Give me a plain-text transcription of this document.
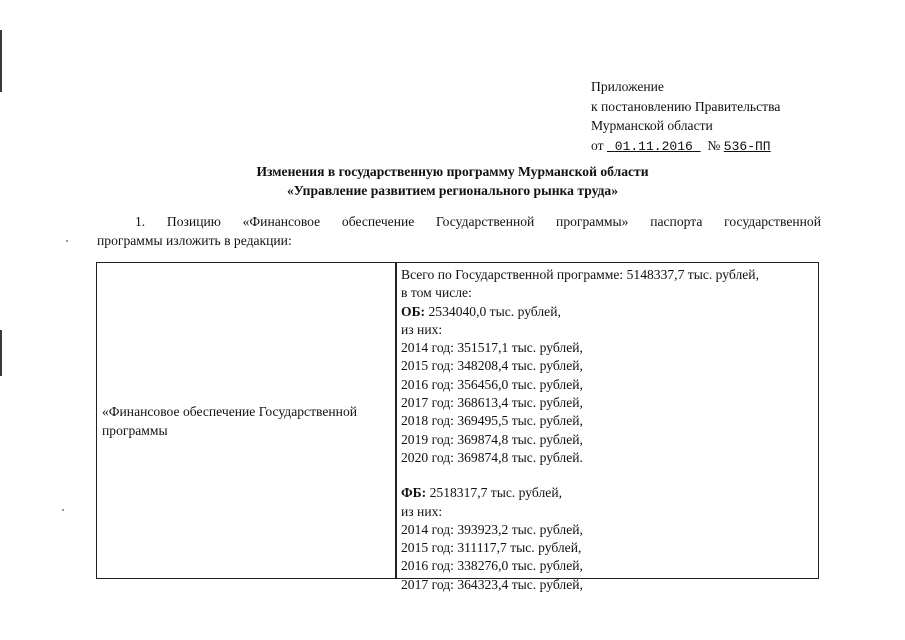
Приложение
к постановлению Правительства
Мурманской области
от 01.11.2016 № 536-ПП
Изменения в государственную программу Мурманской области
«Управление развитием регионального рынка труда»
1. Позицию «Финансовое обеспечение Государственной программы» паспорта государственной
программы изложить в редакции:
«Финансовое обеспечение Государственной
программы
Всего по Государственной программе: 5148337,7 тыс. рублей,
в том числе:
ОБ: 2534040,0 тыс. рублей,
из них:
2014 год: 351517,1 тыс. рублей,
2015 год: 348208,4 тыс. рублей,
2016 год: 356456,0 тыс. рублей,
2017 год: 368613,4 тыс. рублей,
2018 год: 369495,5 тыс. рублей,
2019 год: 369874,8 тыс. рублей,
2020 год: 369874,8 тыс. рублей.
ФБ: 2518317,7 тыс. рублей,
из них:
2014 год: 393923,2 тыс. рублей,
2015 год: 311117,7 тыс. рублей,
2016 год: 338276,0 тыс. рублей,
2017 год: 364323,4 тыс. рублей,
